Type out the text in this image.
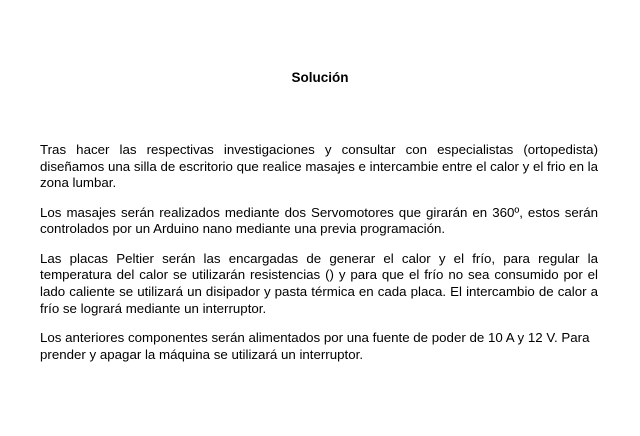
Solución

Tras hacer las respectivas investigaciones y consultar con especialistas (ortopedista) diseñamos una silla de escritorio que realice masajes e intercambie entre el calor y el frio en la zona lumbar.

Los masajes serán realizados mediante dos Servomotores que girarán en 360º, estos serán controlados por un Arduino nano mediante una previa programación.

Las placas Peltier serán las encargadas de generar el calor y el frío, para regular la temperatura del calor se utilizarán resistencias () y para que el frío no sea consumido por el lado caliente se utilizará un disipador y pasta térmica en cada placa. El intercambio de calor a frío se logrará mediante un interruptor.

Los anteriores componentes serán alimentados por una fuente de poder de 10 A y 12 V. Para prender y apagar la máquina se utilizará un interruptor.
